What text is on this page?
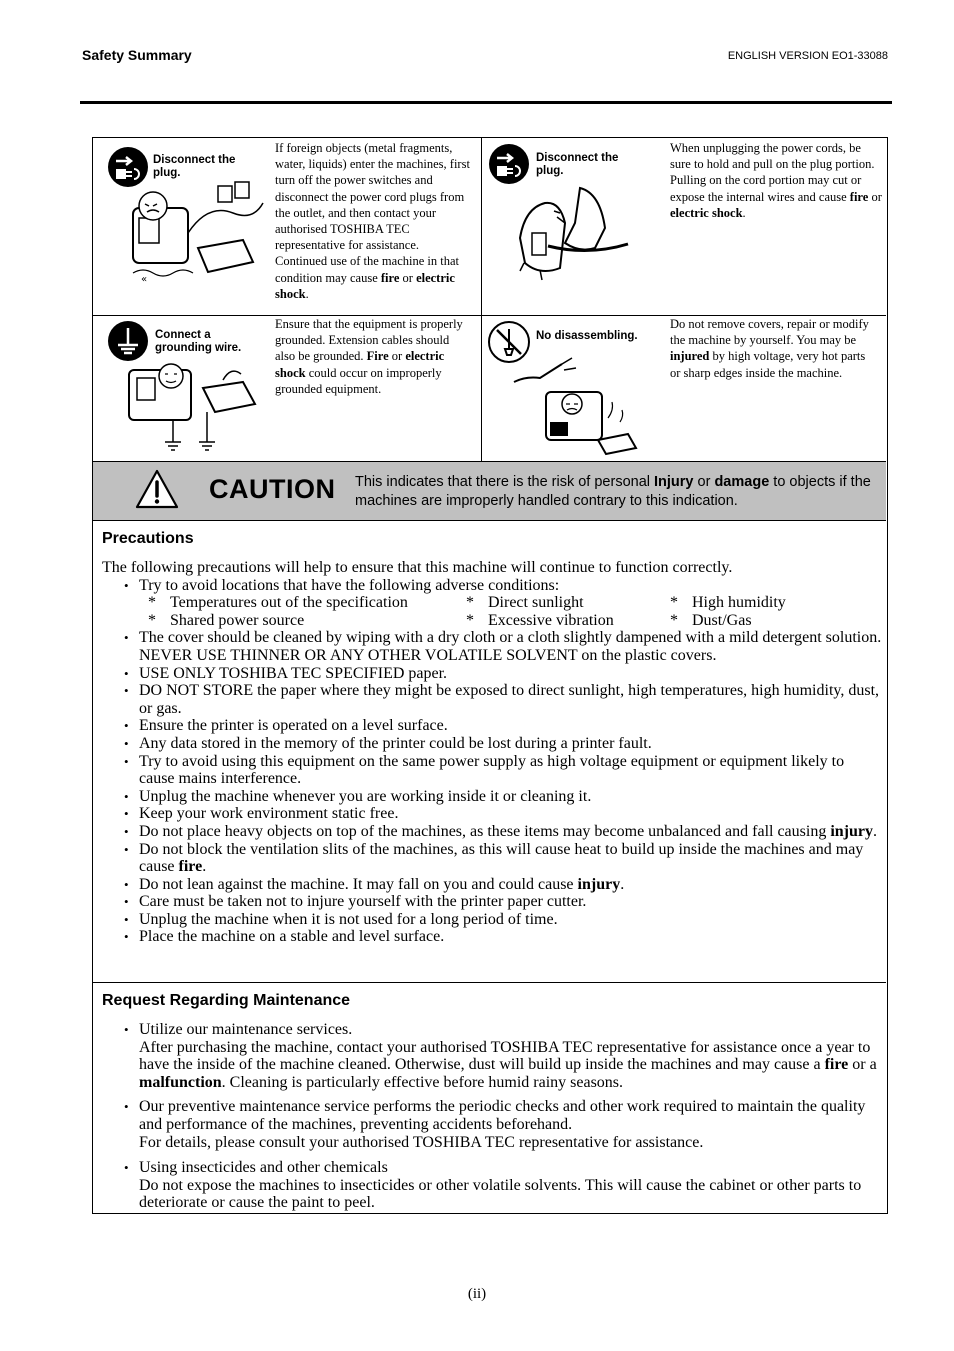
Safety Summary	ENGLISH VERSION EO1-33088
Disconnect the plug.
«
If foreign objects (metal fragments, water, liquids) enter the machines, first turn off the power switches and disconnect the power cord plugs from the outlet, and then contact your authorised TOSHIBA TEC representative for assistance. Continued use of the machine in that condition may cause fire or electric shock.
Disconnect the plug.
When unplugging the power cords, be sure to hold and pull on the plug portion. Pulling on the cord portion may cut or expose the internal wires and cause fire or electric shock.
Connect a grounding wire.
Ensure that the equipment is properly grounded. Extension cables should also be grounded. Fire or electric shock could occur on improperly grounded equipment.
No disassembling.
Do not remove covers, repair or modify the machine by yourself. You may be injured by high voltage, very hot parts or sharp edges inside the machine.
CAUTION This indicates that there is the risk of personal Injury or damage to objects if the machines are improperly handled contrary to this indication.
Precautions
The following precautions will help to ensure that this machine will continue to function correctly.
• Try to avoid locations that have the following adverse conditions:
* Temperatures out of the specification	* Direct sunlight	* High humidity
* Shared power source	* Excessive vibration	* Dust/Gas
• The cover should be cleaned by wiping with a dry cloth or a cloth slightly dampened with a mild detergent solution. NEVER USE THINNER OR ANY OTHER VOLATILE SOLVENT on the plastic covers.
• USE ONLY TOSHIBA TEC SPECIFIED paper.
• DO NOT STORE the paper where they might be exposed to direct sunlight, high temperatures, high humidity, dust, or gas.
• Ensure the printer is operated on a level surface.
• Any data stored in the memory of the printer could be lost during a printer fault.
• Try to avoid using this equipment on the same power supply as high voltage equipment or equipment likely to cause mains interference.
• Unplug the machine whenever you are working inside it or cleaning it.
• Keep your work environment static free.
• Do not place heavy objects on top of the machines, as these items may become unbalanced and fall causing injury.
• Do not block the ventilation slits of the machines, as this will cause heat to build up inside the machines and may cause fire.
• Do not lean against the machine. It may fall on you and could cause injury.
• Care must be taken not to injure yourself with the printer paper cutter.
• Unplug the machine when it is not used for a long period of time.
• Place the machine on a stable and level surface.
Request Regarding Maintenance
• Utilize our maintenance services.
After purchasing the machine, contact your authorised TOSHIBA TEC representative for assistance once a year to have the inside of the machine cleaned. Otherwise, dust will build up inside the machines and may cause a fire or a malfunction. Cleaning is particularly effective before humid rainy seasons.
• Our preventive maintenance service performs the periodic checks and other work required to maintain the quality and performance of the machines, preventing accidents beforehand.
For details, please consult your authorised TOSHIBA TEC representative for assistance.
• Using insecticides and other chemicals
Do not expose the machines to insecticides or other volatile solvents. This will cause the cabinet or other parts to deteriorate or cause the paint to peel.
(ii)
